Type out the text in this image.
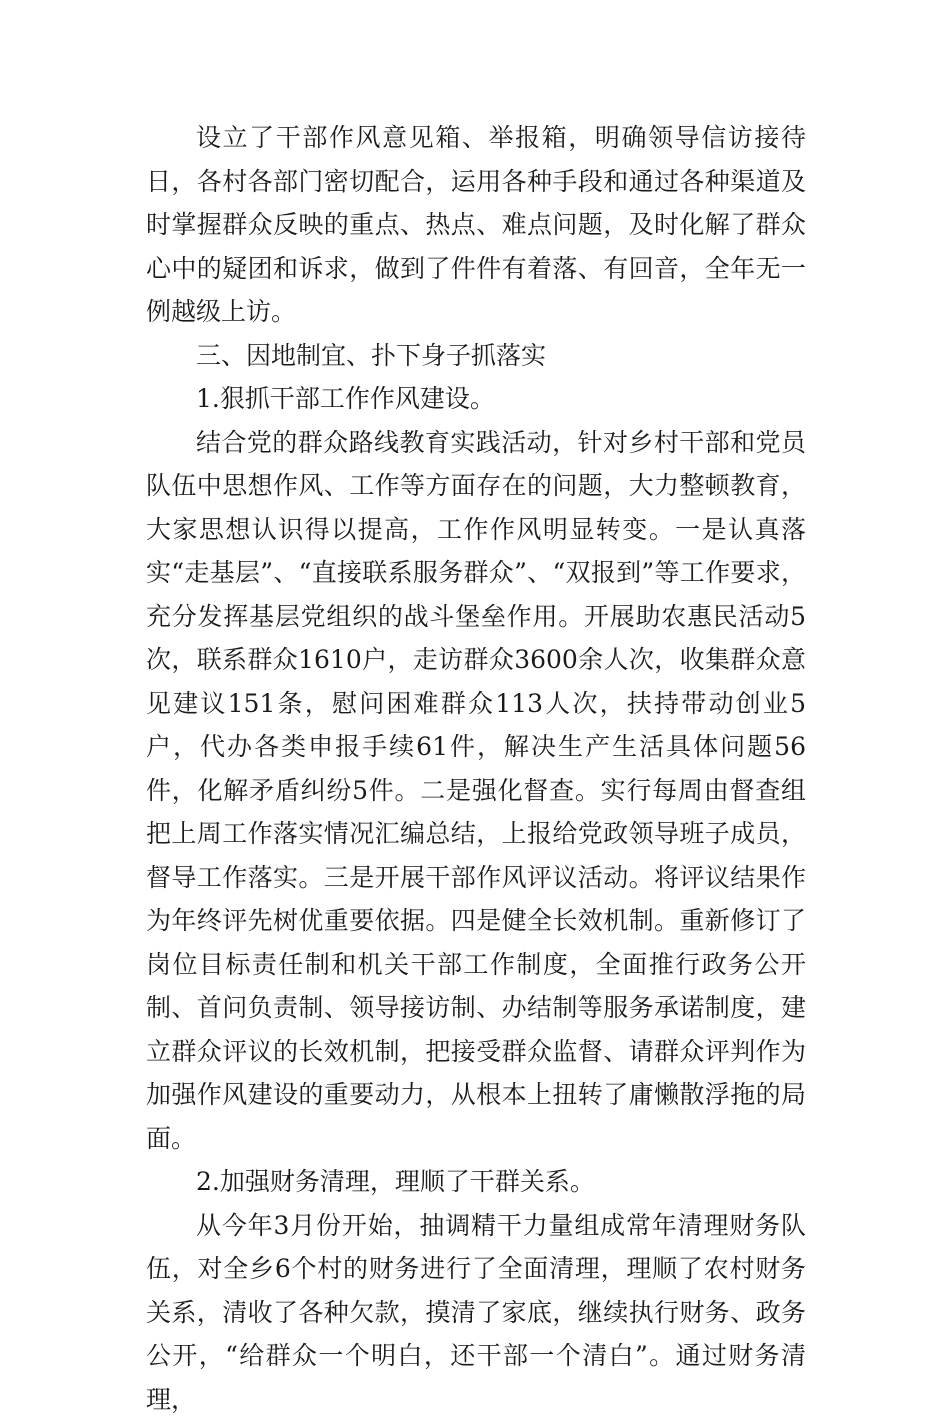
设立了干部作风意见箱、举报箱，明确领导信访接待日，各村各部门密切配合，运用各种手段和通过各种渠道及时掌握群众反映的重点、热点、难点问题，及时化解了群众心中的疑团和诉求，做到了件件有着落、有回音，全年无一例越级上访。

三、因地制宜、扑下身子抓落实

1.狠抓干部工作作风建设。

结合党的群众路线教育实践活动，针对乡村干部和党员队伍中思想作风、工作等方面存在的问题，大力整顿教育，大家思想认识得以提高，工作作风明显转变。一是认真落实“走基层”、“直接联系服务群众”、“双报到”等工作要求，充分发挥基层党组织的战斗堡垒作用。开展助农惠民活动5次，联系群众1610户，走访群众3600余人次，收集群众意见建议151条，慰问困难群众113人次，扶持带动创业5户，代办各类申报手续61件，解决生产生活具体问题56件，化解矛盾纠纷5件。二是强化督查。实行每周由督查组把上周工作落实情况汇编总结，上报给党政领导班子成员，督导工作落实。三是开展干部作风评议活动。将评议结果作为年终评先树优重要依据。四是健全长效机制。重新修订了岗位目标责任制和机关干部工作制度，全面推行政务公开制、首问负责制、领导接访制、办结制等服务承诺制度，建立群众评议的长效机制，把接受群众监督、请群众评判作为加强作风建设的重要动力，从根本上扭转了庸懒散浮拖的局面。

2.加强财务清理，理顺了干群关系。

从今年3月份开始，抽调精干力量组成常年清理财务队伍，对全乡6个村的财务进行了全面清理，理顺了农村财务关系，清收了各种欠款，摸清了家底，继续执行财务、政务公开，“给群众一个明白，还干部一个清白”。通过财务清理，
